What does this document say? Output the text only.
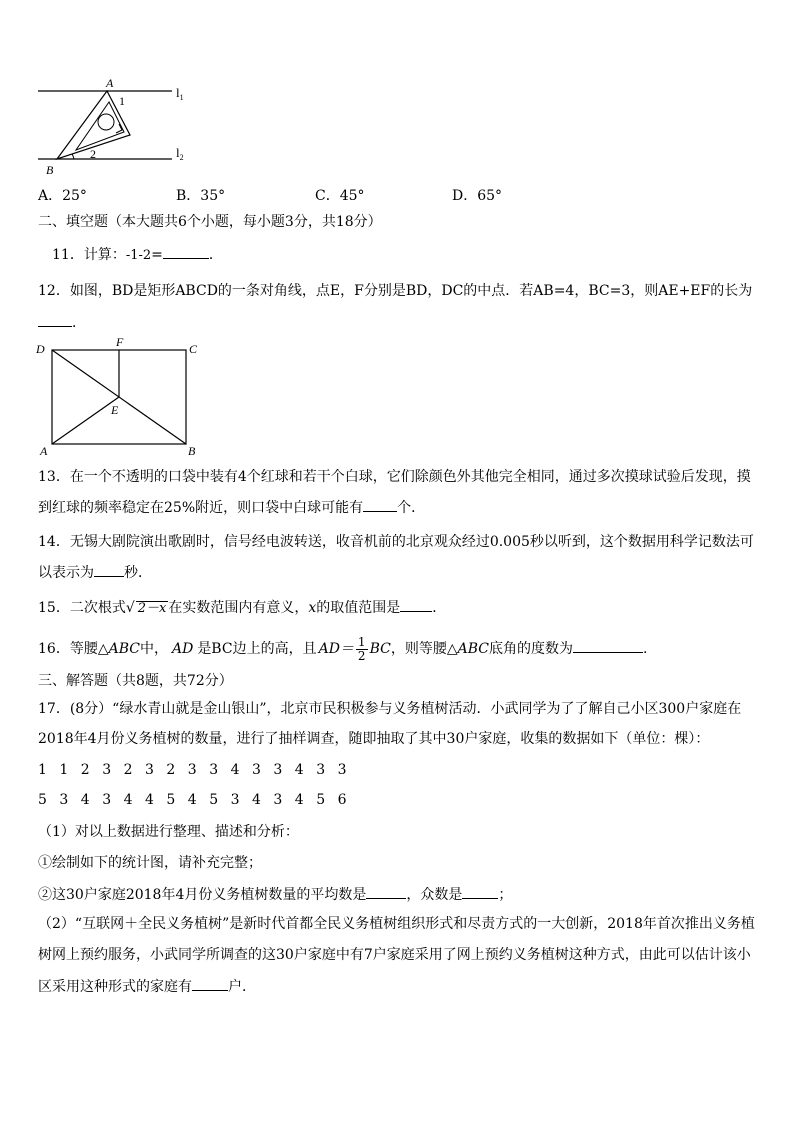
A
B
1
2
$l_1$
$l_2$
A．25°	B．35°	C．45°	D．65°
二、填空题（本大题共6个小题，每小题3分，共18分）
11．计算：-1-2=	．
12．如图，BD是矩形ABCD的一条对角线，点E，F分别是BD，DC的中点．若AB=4，BC=3，则AE+EF的长为
．
D	F	C
E
A	B
13．在一个不透明的口袋中装有4个红球和若干个白球，它们除颜色外其他完全相同，通过多次摸球试验后发现，摸
到红球的频率稳定在25%附近，则口袋中白球可能有 个．
14．无锡大剧院演出歌剧时，信号经电波转送，收音机前的北京观众经过0.005秒以听到，这个数据用科学记数法可
以表示为 秒．
15．二次根式√ 2－x 在实数范围内有意义，x的取值范围是 ．
16．等腰△ABC中， AD 是BC边上的高，且 $AD= \frac{1}{2}$ BC，则等腰△ABC底角的度数为	.
三、解答题（共8题，共72分）
17．(8分）“绿水青山就是金山银山”，北京市民积极参与义务植树活动．小武同学为了了解自己小区300户家庭在
2018年4月份义务植树的数量，进行了抽样调查，随即抽取了其中30户家庭，收集的数据如下（单位：棵）：
1 1 2 3 2 3 2 3 3 4 3 3 4 3 3
5 3 4 3 4 4 5 4 5 3 4 3 4 5 6
（1）对以上数据进行整理、描述和分析：
①绘制如下的统计图，请补充完整；
②这30户家庭2018年4月份义务植树数量的平均数是	，众数是	；
（2）“互联网＋全民义务植树”是新时代首都全民义务植树组织形式和尽责方式的一大创新，2018年首次推出义务植
树网上预约服务，小武同学所调查的这30户家庭中有7户家庭采用了网上预约义务植树这种方式，由此可以估计该小
区采用这种形式的家庭有	户．
